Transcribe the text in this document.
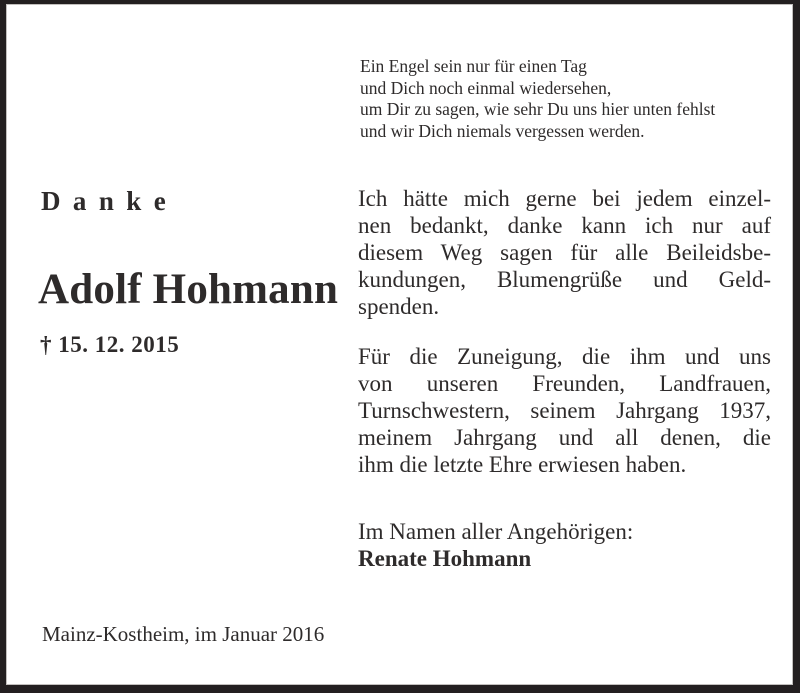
Ein Engel sein nur für einen Tag
und Dich noch einmal wiedersehen,
um Dir zu sagen, wie sehr Du uns hier unten fehlst
und wir Dich niemals vergessen werden.
Danke
Adolf Hohmann
† 15. 12. 2015
Mainz-Kostheim, im Januar 2016
Ich hätte mich gerne bei jedem einzel-
nen bedankt, danke kann ich nur auf
diesem Weg sagen für alle Beileidsbe-
kundungen, Blumengrüße und Geld-
spenden.
Für die Zuneigung, die ihm und uns
von unseren Freunden, Landfrauen,
Turnschwestern, seinem Jahrgang 1937,
meinem Jahrgang und all denen, die
ihm die letzte Ehre erwiesen haben.
Im Namen aller Angehörigen:
Renate Hohmann
